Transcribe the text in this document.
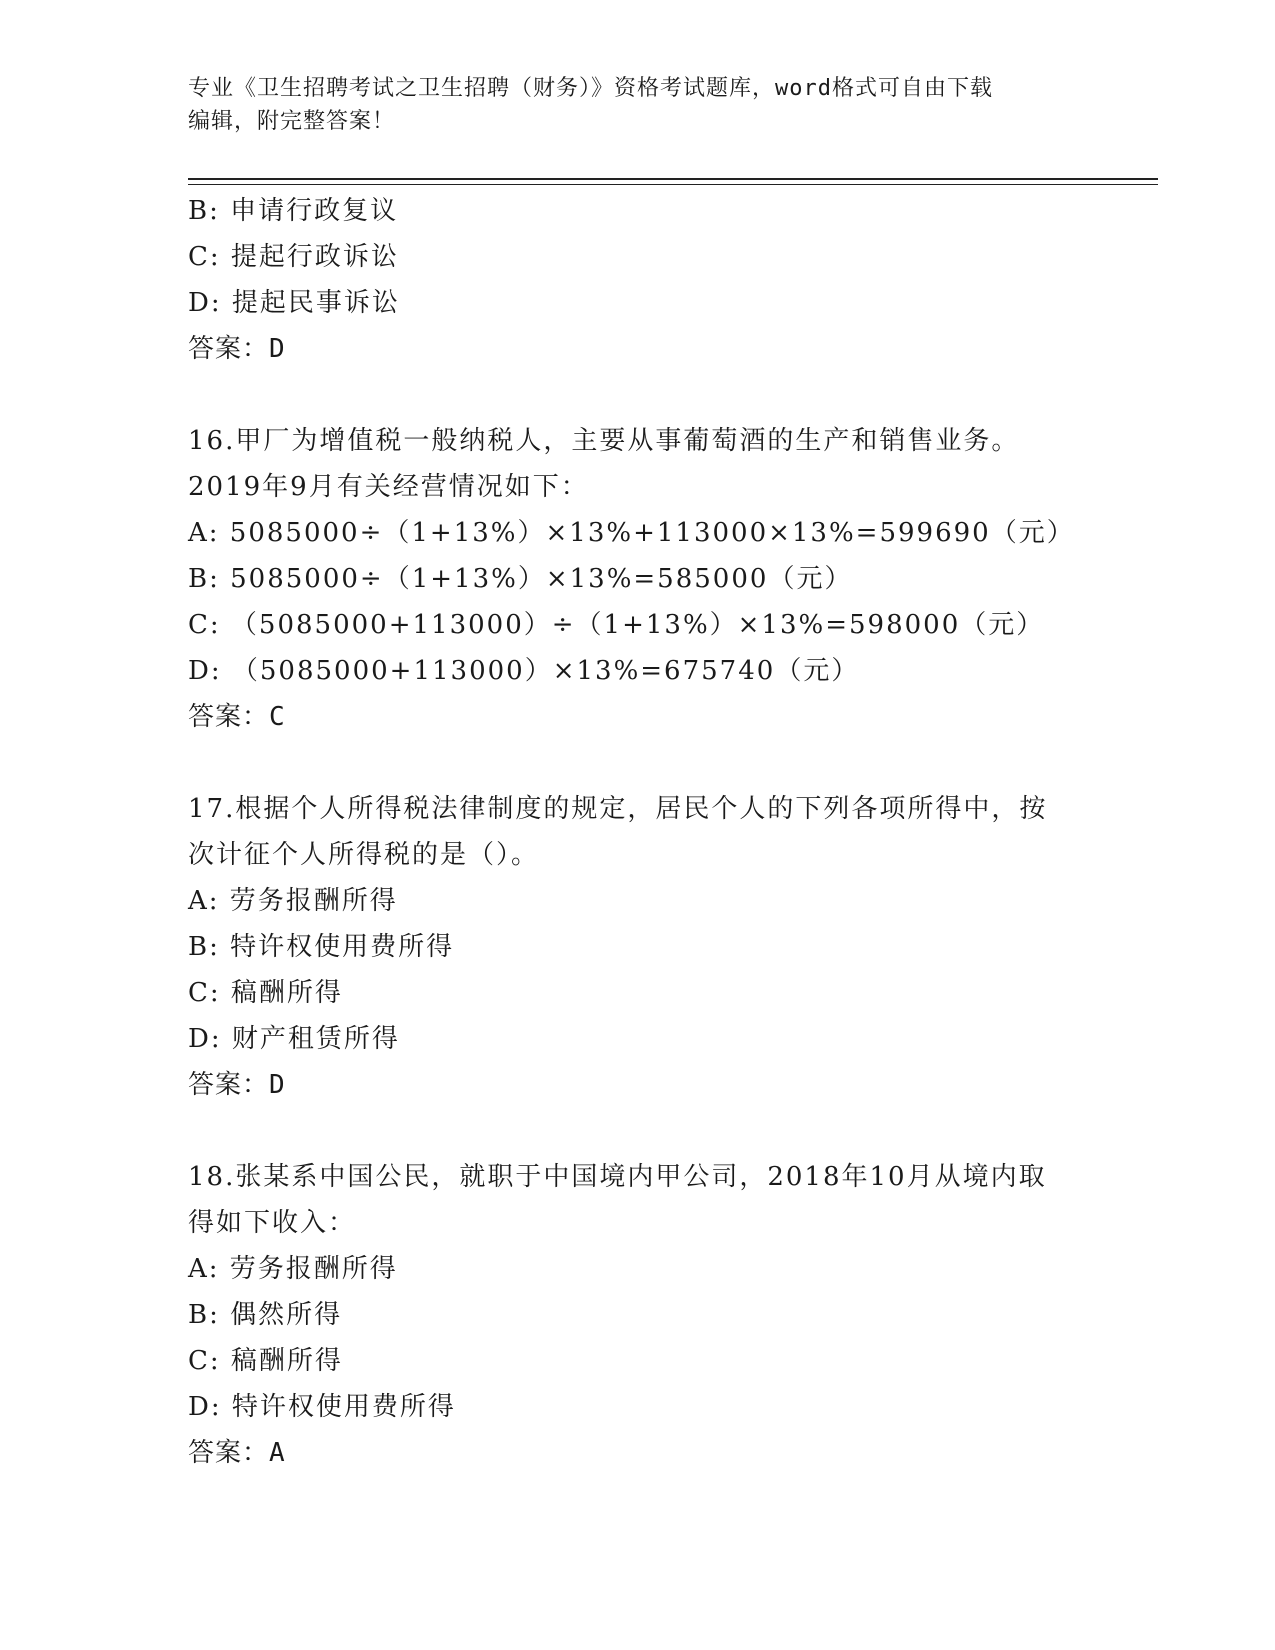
专业《卫生招聘考试之卫生招聘（财务）》资格考试题库，word格式可自由下载
编辑，附完整答案！
B: 申请行政复议
C: 提起行政诉讼
D: 提起民事诉讼
答案：D
16.甲厂为增值税一般纳税人，主要从事葡萄酒的生产和销售业务。
2019年9月有关经营情况如下：
A: 5085000÷（1+13%）×13%+113000×13%=599690（元）
B: 5085000÷（1+13%）×13%=585000（元）
C: （5085000+113000）÷（1+13%）×13%=598000（元）
D: （5085000+113000）×13%=675740（元）
答案：C
17.根据个人所得税法律制度的规定，居民个人的下列各项所得中，按
次计征个人所得税的是（）。
A: 劳务报酬所得
B: 特许权使用费所得
C: 稿酬所得
D: 财产租赁所得
答案：D
18.张某系中国公民，就职于中国境内甲公司，2018年10月从境内取
得如下收入：
A: 劳务报酬所得
B: 偶然所得
C: 稿酬所得
D: 特许权使用费所得
答案：A
